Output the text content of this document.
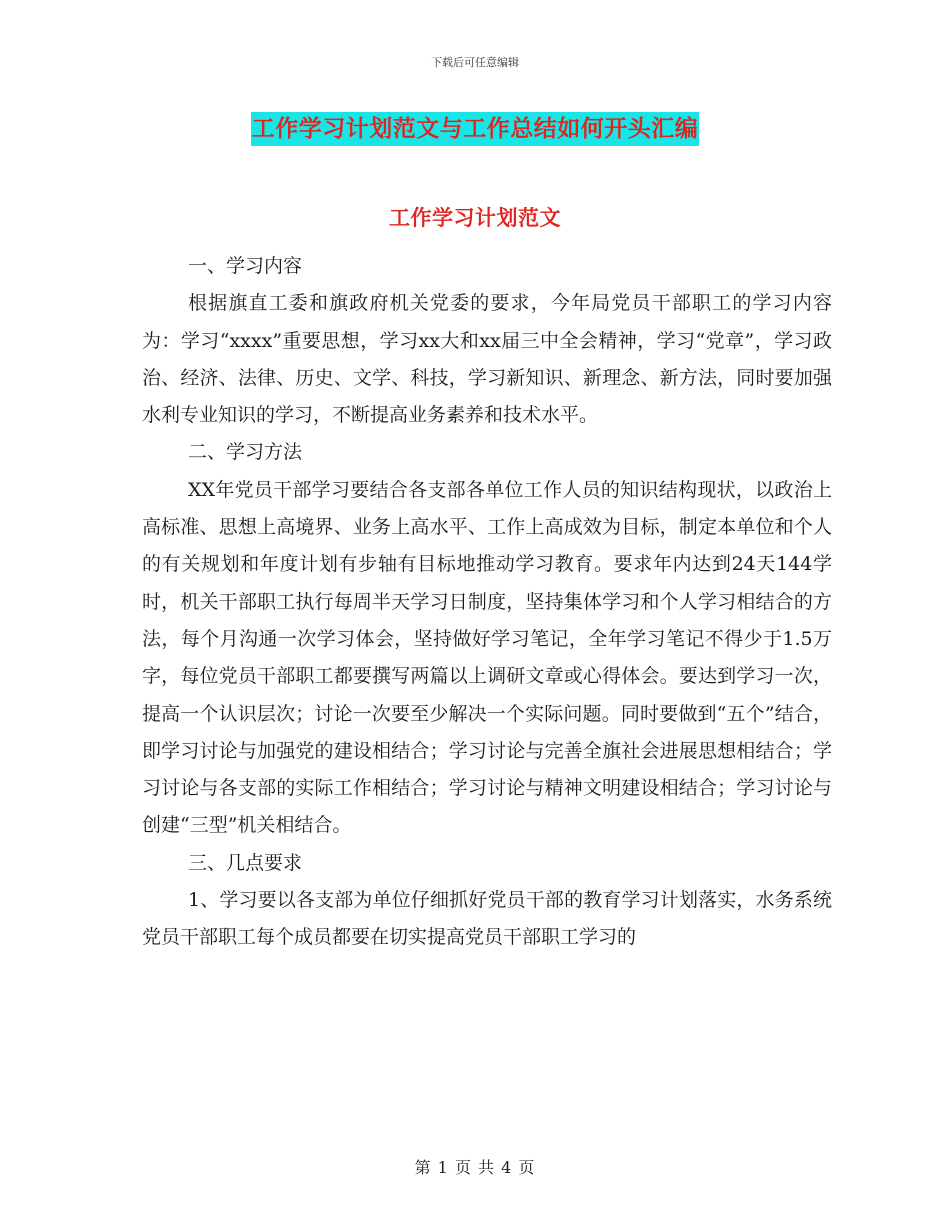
下载后可任意编辑
工作学习计划范文与工作总结如何开头汇编
工作学习计划范文

一、学习内容

根据旗直工委和旗政府机关党委的要求，今年局党员干部职工的学习内容为：学习“xxxx”重要思想，学习xx大和xx届三中全会精神，学习“党章”，学习政治、经济、法律、历史、文学、科技，学习新知识、新理念、新方法，同时要加强水利专业知识的学习，不断提高业务素养和技术水平。

二、学习方法

XX年党员干部学习要结合各支部各单位工作人员的知识结构现状，以政治上高标准、思想上高境界、业务上高水平、工作上高成效为目标，制定本单位和个人的有关规划和年度计划有步轴有目标地推动学习教育。要求年内达到24天144学时，机关干部职工执行每周半天学习日制度，坚持集体学习和个人学习相结合的方法，每个月沟通一次学习体会，坚持做好学习笔记，全年学习笔记不得少于1.5万字，每位党员干部职工都要撰写两篇以上调研文章或心得体会。要达到学习一次，提高一个认识层次；讨论一次要至少解决一个实际问题。同时要做到“五个”结合，即学习讨论与加强党的建设相结合；学习讨论与完善全旗社会进展思想相结合；学习讨论与各支部的实际工作相结合；学习讨论与精神文明建设相结合；学习讨论与创建“三型”机关相结合。

三、几点要求

1、学习要以各支部为单位仔细抓好党员干部的教育学习计划落实，水务系统党员干部职工每个成员都要在切实提高党员干部职工学习的

第 1 页 共 4 页
